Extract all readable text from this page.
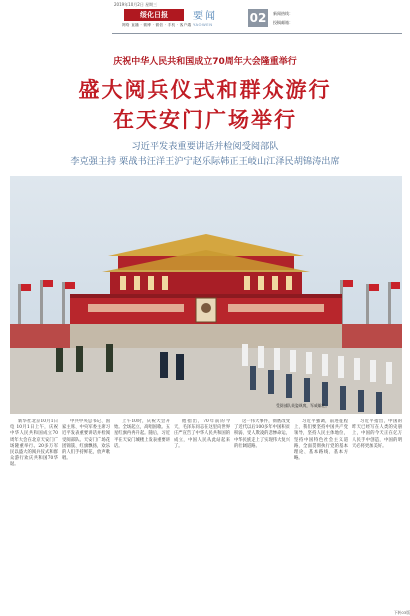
2019年10月2日 星期三
绥化日报
网络 直播 · 微博 · 微信 · 手机 · 客户端
要闻
YAOWEN	02	新闻热线：
投稿邮箱：
庆祝中华人民共和国成立70周年大会隆重举行
盛大阅兵仪式和群众游行
在天安门广场举行
习近平发表重要讲话并检阅受阅部队
李克强主持 栗战书汪洋王沪宁赵乐际韩正王岐山江泽民胡锦涛出席
受阅部队英姿飒爽，军威雄壮。

新华社北京10月1日电 10月1日上午，庆祝中华人民共和国成立70周年大会在北京天安门广场隆重举行。20多万军民以盛大的阅兵仪式和群众游行欢庆共和国70华诞。

中共中央总书记、国家主席、中央军委主席习近平发表重要讲话并检阅受阅部队。天安门广场花团锦簇、红旗飘扬，欢乐的人们手持鲜花，放声歌唱。

上午10时，庆祝大会开始。全场起立，高唱国歌。五星红旗冉冉升起。随后，习近平在天安门城楼上发表重要讲话。

他指出，70年前的今天，毛泽东同志在这里向世界庄严宣告了中华人民共和国的成立，中国人民从此站起来了。

这一伟大事件，彻底改变了近代以后100多年中国积贫积弱、受人欺凌的悲惨命运，中华民族走上了实现伟大复兴的壮阔道路。

习近平强调，前进征程上，我们要坚持中国共产党领导，坚持人民主体地位，坚持中国特色社会主义道路，全面贯彻执行党的基本理论、基本路线、基本方略。

习近平指出，中国的昨天已经写在人类的史册上，中国的今天正在亿万人民手中创造，中国的明天必将更加美好。

下转03版
